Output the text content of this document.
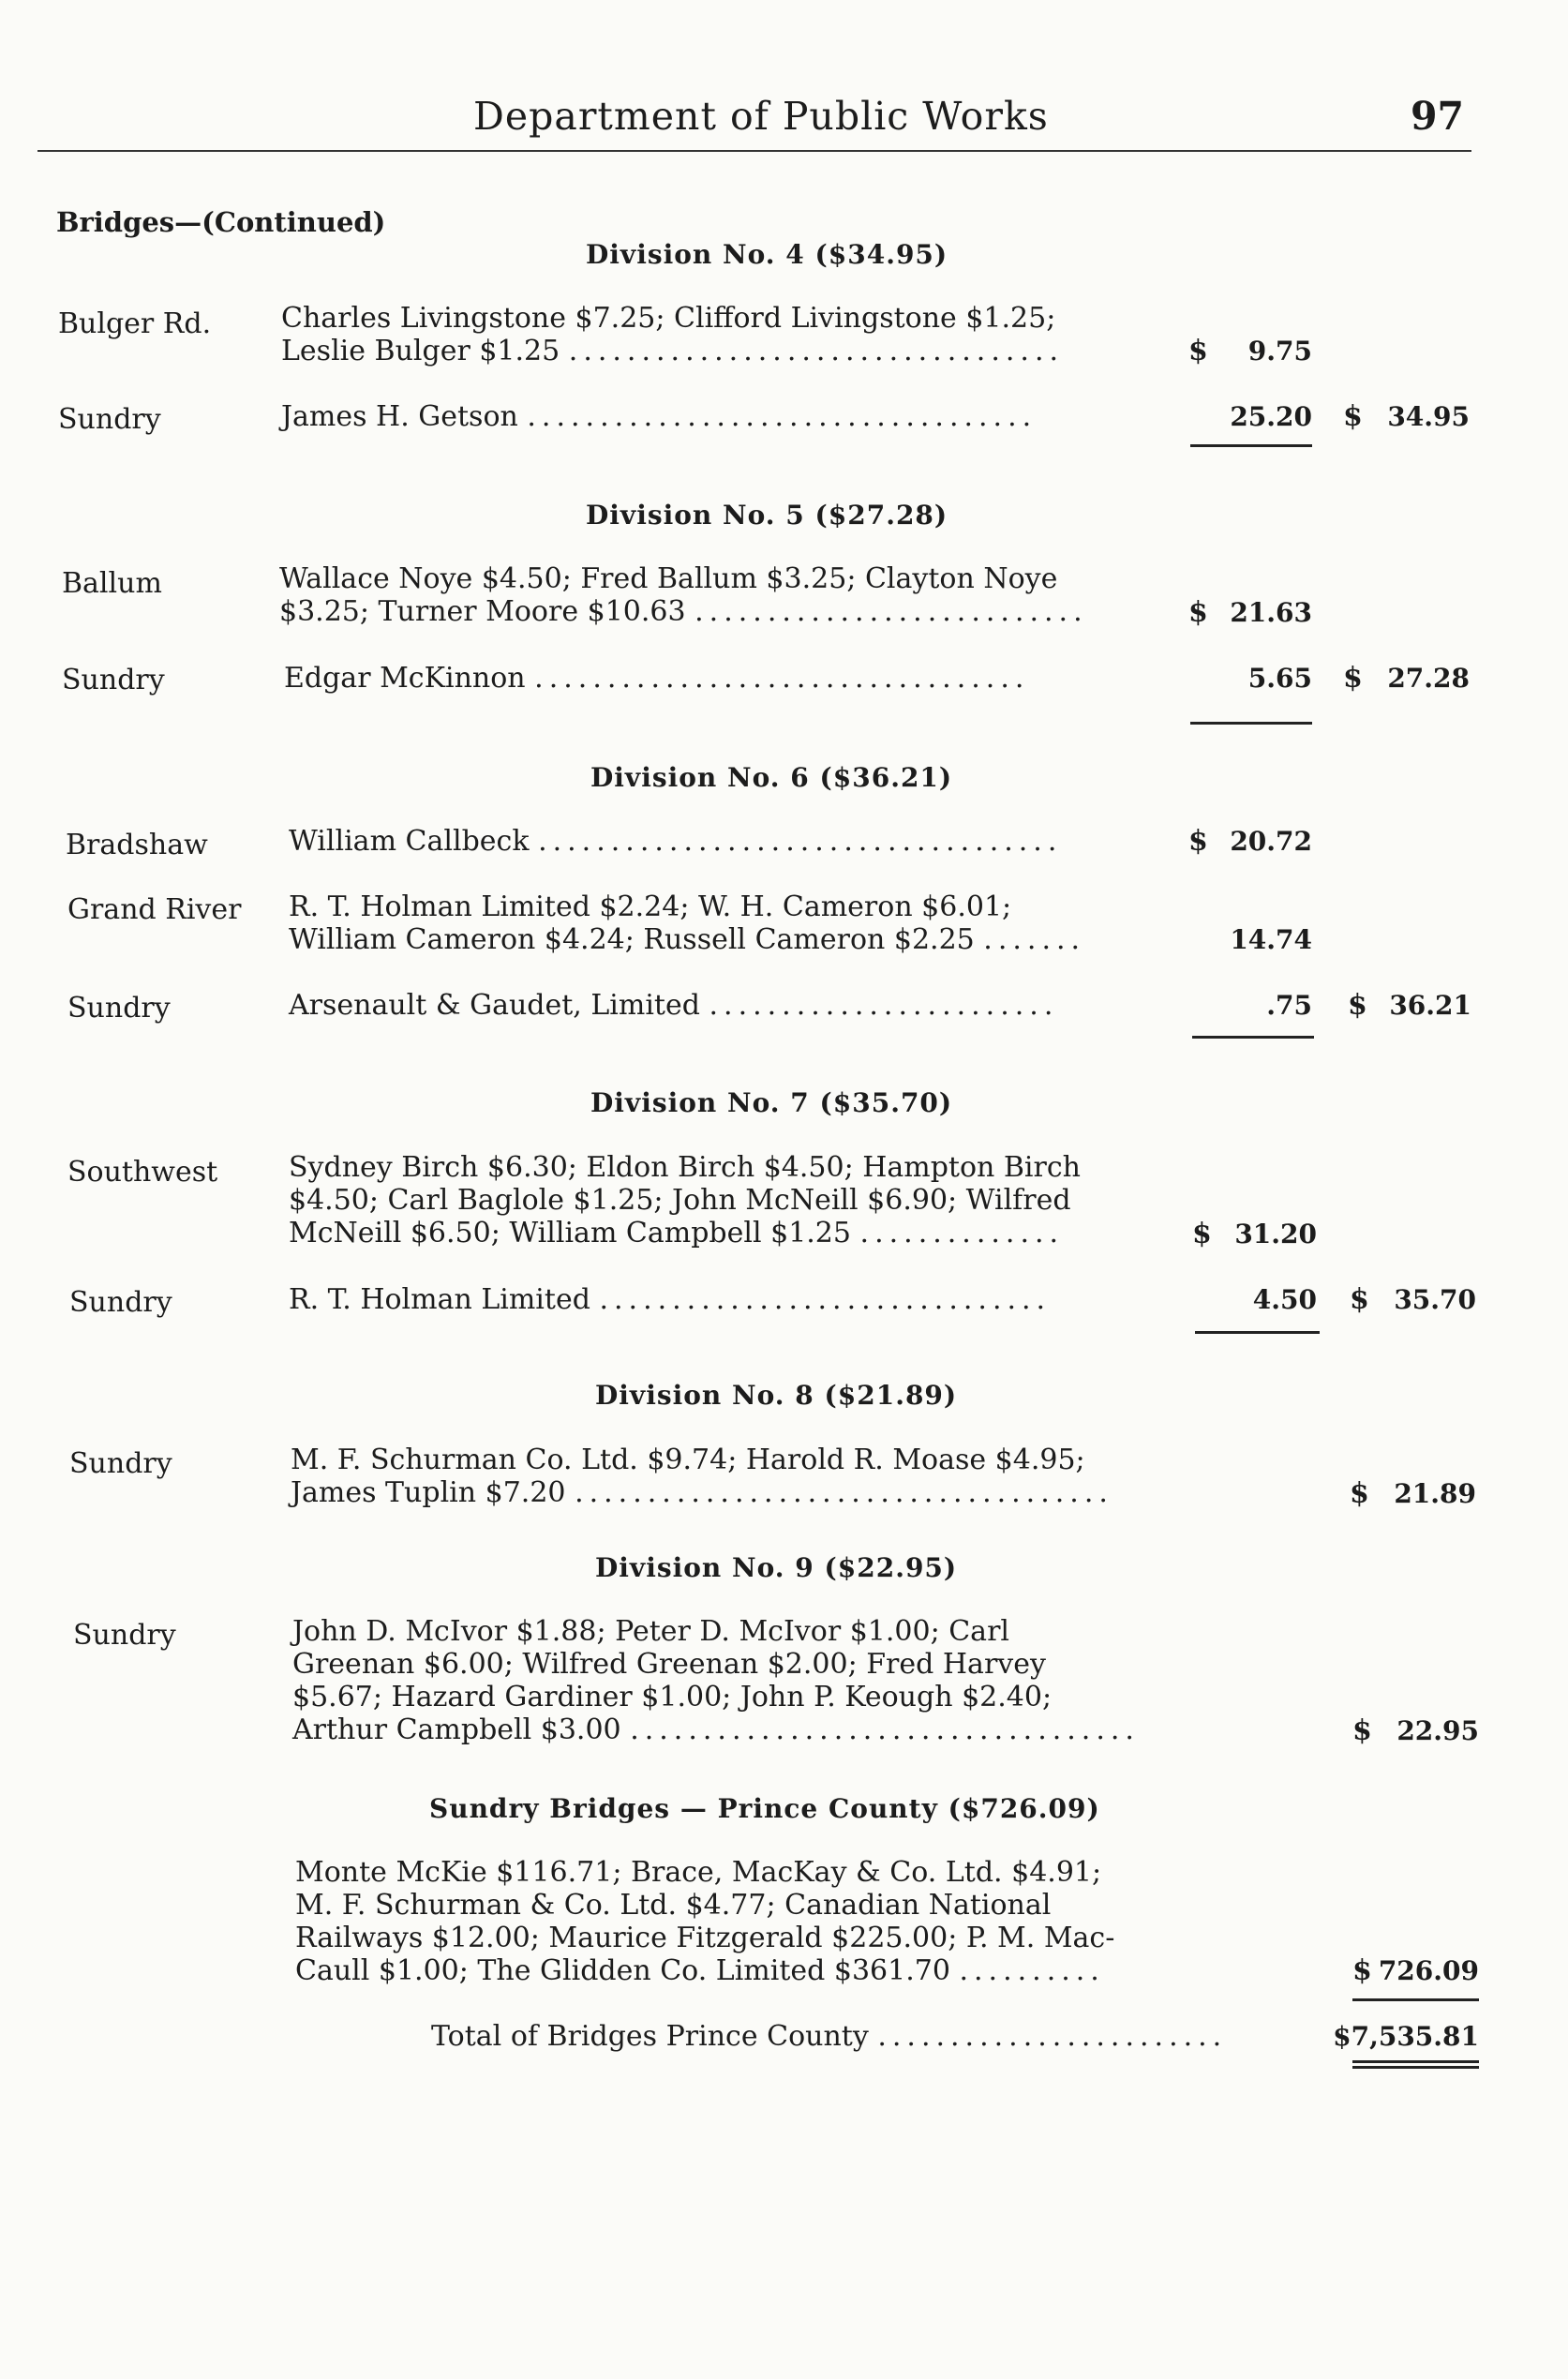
Department of Public Works	97
Bridges—(Continued)
Division No. 4 ($34.95)
Bulger Rd. Charles Livingstone $7.25; Clifford Livingstone $1.25;
Leslie Bulger $1.25 ..................................	$	9.75
Sundry	James H. Getson ...................................	25.20 $ 34.95
Division No. 5 ($27.28)
Ballum	Wallace Noye $4.50; Fred Ballum $3.25; Clayton Noye
$3.25; Turner Moore $10.63 ...........................	$ 21.63
Sundry	Edgar McKinnon ..................................	5.65 $ 27.28
Division No. 6 ($36.21)
Bradshaw	William Callbeck ....................................	$ 20.72
Grand River R. T. Holman Limited $2.24; W. H. Cameron $6.01;
William Cameron $4.24; Russell Cameron $2.25 .......	14.74
Sundry	Arsenault & Gaudet, Limited ........................	.75 $ 36.21
Division No. 7 ($35.70)
Southwest	Sydney Birch $6.30; Eldon Birch $4.50; Hampton Birch
$4.50; Carl Baglole $1.25; John McNeill $6.90; Wilfred
McNeill $6.50; William Campbell $1.25 ..............	$ 31.20
Sundry	R. T. Holman Limited ...............................	4.50 $ 35.70
Division No. 8 ($21.89)
Sundry	M. F. Schurman Co. Ltd. $9.74; Harold R. Moase $4.95;
James Tuplin $7.20 .....................................	$ 21.89
Division No. 9 ($22.95)
Sundry	John D. McIvor $1.88; Peter D. McIvor $1.00; Carl
Greenan $6.00; Wilfred Greenan $2.00; Fred Harvey
$5.67; Hazard Gardiner $1.00; John P. Keough $2.40;
Arthur Campbell $3.00 ...................................	$ 22.95
Sundry Bridges — Prince County ($726.09)
Monte McKie $116.71; Brace, MacKay & Co. Ltd. $4.91;
M. F. Schurman & Co. Ltd. $4.77; Canadian National
Railways $12.00; Maurice Fitzgerald $225.00; P. M. Mac-
Caull $1.00; The Glidden Co. Limited $361.70 ..........	$ 726.09
Total of Bridges Prince County ........................	$7,535.81
